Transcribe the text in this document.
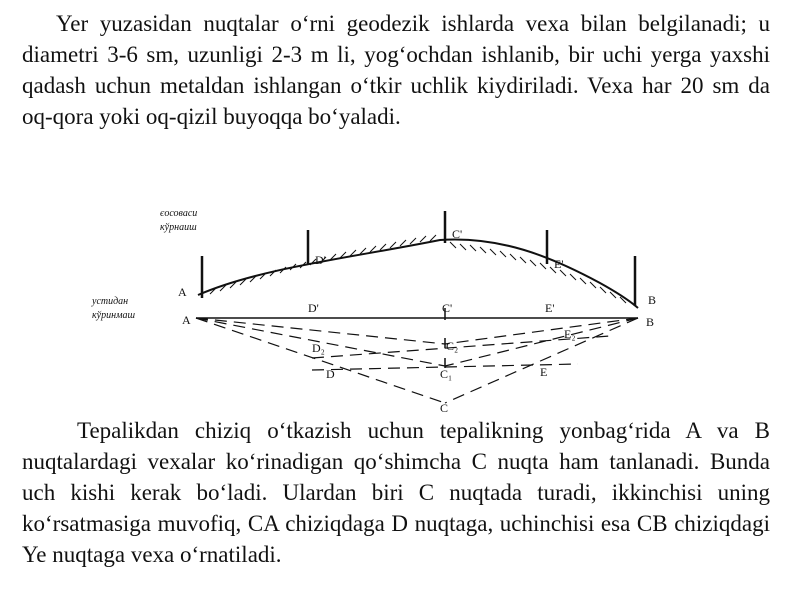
Yer yuzasidan nuqtalar o‘rni geodezik ishlarda vexa bilan belgilanadi; u diametri 3-6 sm, uzunligi 2-3 m li, yog‘ochdan ishlanib, bir uchi yerga yaxshi qadash uchun metaldan ishlangan o‘tkir uchlik kiydiriladi. Vexa har 20 sm da oq-qora yoki oq-qizil buyoqqa bo‘yaladi.

єосоваси
кўрнаиш
устидан
кўринмаш
A
A
B
B
D'
C'
E'
D'	C'	E'
D₂	C₂
E₂
D	C₁	E
C

Tepalikdan chiziq o‘tkazish uchun tepalikning yonbag‘rida A va B nuqtalardagi vexalar ko‘rinadigan qo‘shimcha C nuqta ham tanlanadi. Bunda uch kishi kerak bo‘ladi. Ulardan biri C nuqtada turadi, ikkinchisi uning ko‘rsatmasiga muvofiq, CA chiziqdaga D nuqtaga, uchinchisi esa CB chiziqdagi Ye nuqtaga vexa o‘rnatiladi.
